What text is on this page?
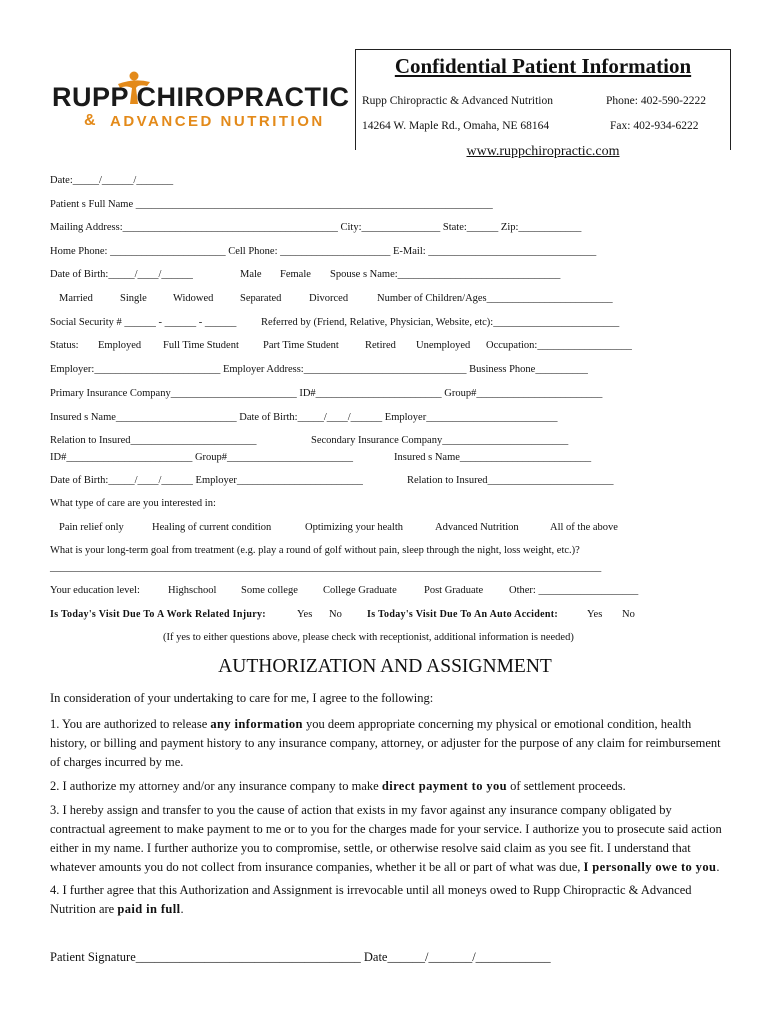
Confidential Patient Information
Rupp Chiropractic & Advanced Nutrition	Phone: 402-590-2222
14264 W. Maple Rd., Omaha, NE 68164	Fax: 402-934-6222
www.ruppchiropractic.com
RUPP CHIROPRACTIC
& ADVANCED NUTRITION
Date:_____/______/_______
Patient s Full Name ____________________________________________________________________
Mailing Address:_________________________________________ City:_______________ State:______ Zip:____________
Home Phone: ______________________ Cell Phone: _____________________ E-Mail: ________________________________
Date of Birth:_____/____/______	Male Female Spouse s Name:_______________________________
Married	Single Widowed	Separated	Divorced	Number of Children/Ages________________________
Social Security # ______ - ______ - ______ Referred by (Friend, Relative, Physician, Website, etc):________________________
Status: Employed Full Time Student Part Time Student Retired Unemployed Occupation:__________________
Employer:________________________ Employer Address:_______________________________ Business Phone__________
Primary Insurance Company________________________ ID#________________________ Group#________________________
Insured s Name_______________________ Date of Birth:_____/____/______ Employer_________________________
Relation to Insured________________________	Secondary Insurance Company________________________
ID#________________________ Group#________________________	Insured s Name_________________________
Date of Birth:_____/____/______ Employer________________________	Relation to Insured________________________
What type of care are you interested in:
Pain relief only	Healing of current condition	Optimizing your health	Advanced Nutrition	All of the above
What is your long-term goal from treatment (e.g. play a round of golf without pain, sleep through the night, loss weight, etc.)?
_________________________________________________________________________________________________________
Your education level:	Highschool Some college College Graduate	Post Graduate Other: ___________________
Is Today's Visit Due To A Work Related Injury:	Yes No	Is Today's Visit Due To An Auto Accident:	Yes No
(If yes to either questions above, please check with receptionist, additional information is needed)
AUTHORIZATION AND ASSIGNMENT
In consideration of your undertaking to care for me, I agree to the following:
1. You are authorized to release any information you deem appropriate concerning my physical or emotional condition, health history, or billing and payment history to any insurance company, attorney, or adjuster for the purpose of any claim for reimbursement of charges incurred by me.
2. I authorize my attorney and/or any insurance company to make direct payment to you of settlement proceeds.
3. I hereby assign and transfer to you the cause of action that exists in my favor against any insurance company obligated by contractual agreement to make payment to me or to you for the charges made for your service. I authorize you to prosecute said action either in my name. I further authorize you to compromise, settle, or otherwise resolve said claim as you see fit. I understand that whatever amounts you do not collect from insurance companies, whether it be all or part of what was due, I personally owe to you.
4. I further agree that this Authorization and Assignment is irrevocable until all moneys owed to Rupp Chiropractic & Advanced Nutrition are paid in full.
Patient Signature____________________________________ Date______/_______/____________
